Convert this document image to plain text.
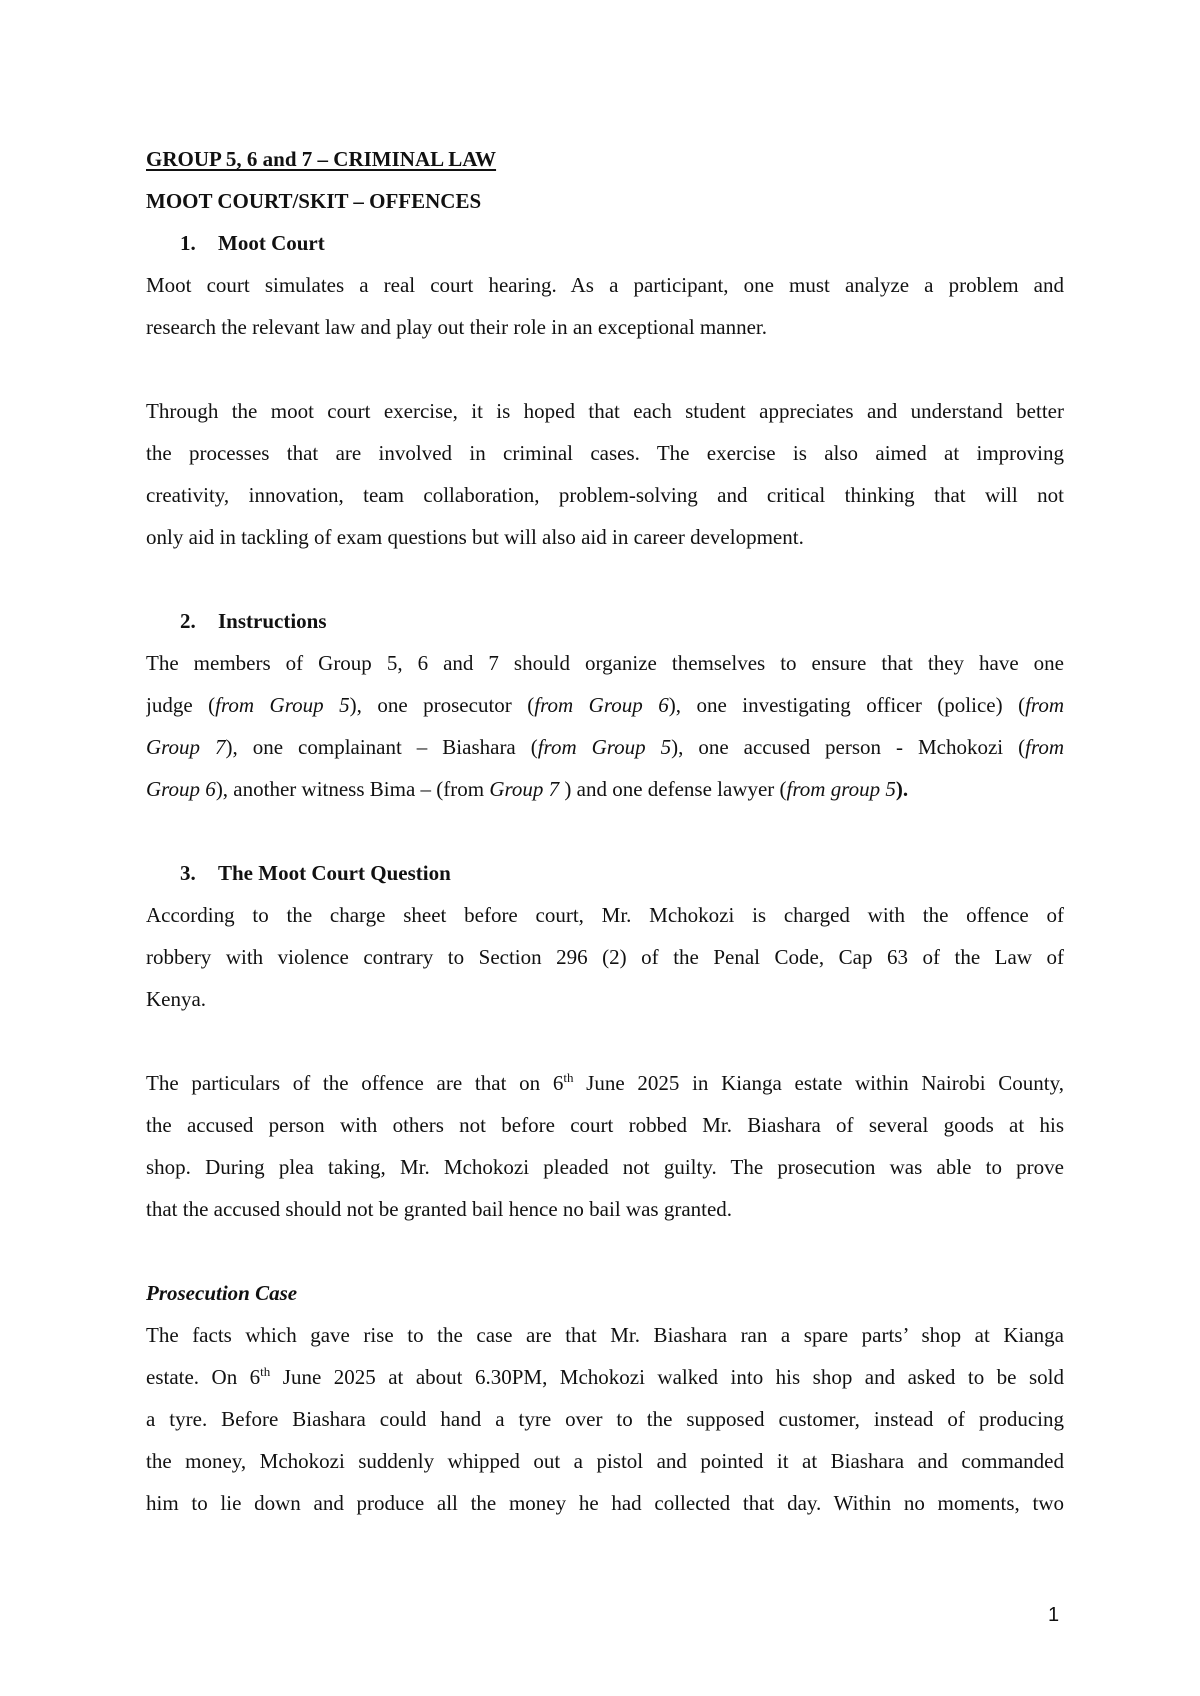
GROUP 5, 6 and 7 – CRIMINAL LAW
MOOT COURT/SKIT – OFFENCES
1. Moot Court
Moot court simulates a real court hearing. As a participant, one must analyze a problem and
research the relevant law and play out their role in an exceptional manner.
Through the moot court exercise, it is hoped that each student appreciates and understand better
the processes that are involved in criminal cases. The exercise is also aimed at improving
creativity, innovation, team collaboration, problem-solving and critical thinking that will not
only aid in tackling of exam questions but will also aid in career development.
2. Instructions
The members of Group 5, 6 and 7 should organize themselves to ensure that they have one
judge (from Group 5), one prosecutor (from Group 6), one investigating officer (police) (from
Group 7), one complainant – Biashara (from Group 5), one accused person - Mchokozi (from
Group 6), another witness Bima – (from Group 7 ) and one defense lawyer (from group 5).
3. The Moot Court Question
According to the charge sheet before court, Mr. Mchokozi is charged with the offence of
robbery with violence contrary to Section 296 (2) of the Penal Code, Cap 63 of the Law of
Kenya.
The particulars of the offence are that on 6th June 2025 in Kianga estate within Nairobi County,
the accused person with others not before court robbed Mr. Biashara of several goods at his
shop. During plea taking, Mr. Mchokozi pleaded not guilty. The prosecution was able to prove
that the accused should not be granted bail hence no bail was granted.
Prosecution Case
The facts which gave rise to the case are that Mr. Biashara ran a spare parts’ shop at Kianga
estate. On 6th June 2025 at about 6.30PM, Mchokozi walked into his shop and asked to be sold
a tyre. Before Biashara could hand a tyre over to the supposed customer, instead of producing
the money, Mchokozi suddenly whipped out a pistol and pointed it at Biashara and commanded
him to lie down and produce all the money he had collected that day. Within no moments, two
1
